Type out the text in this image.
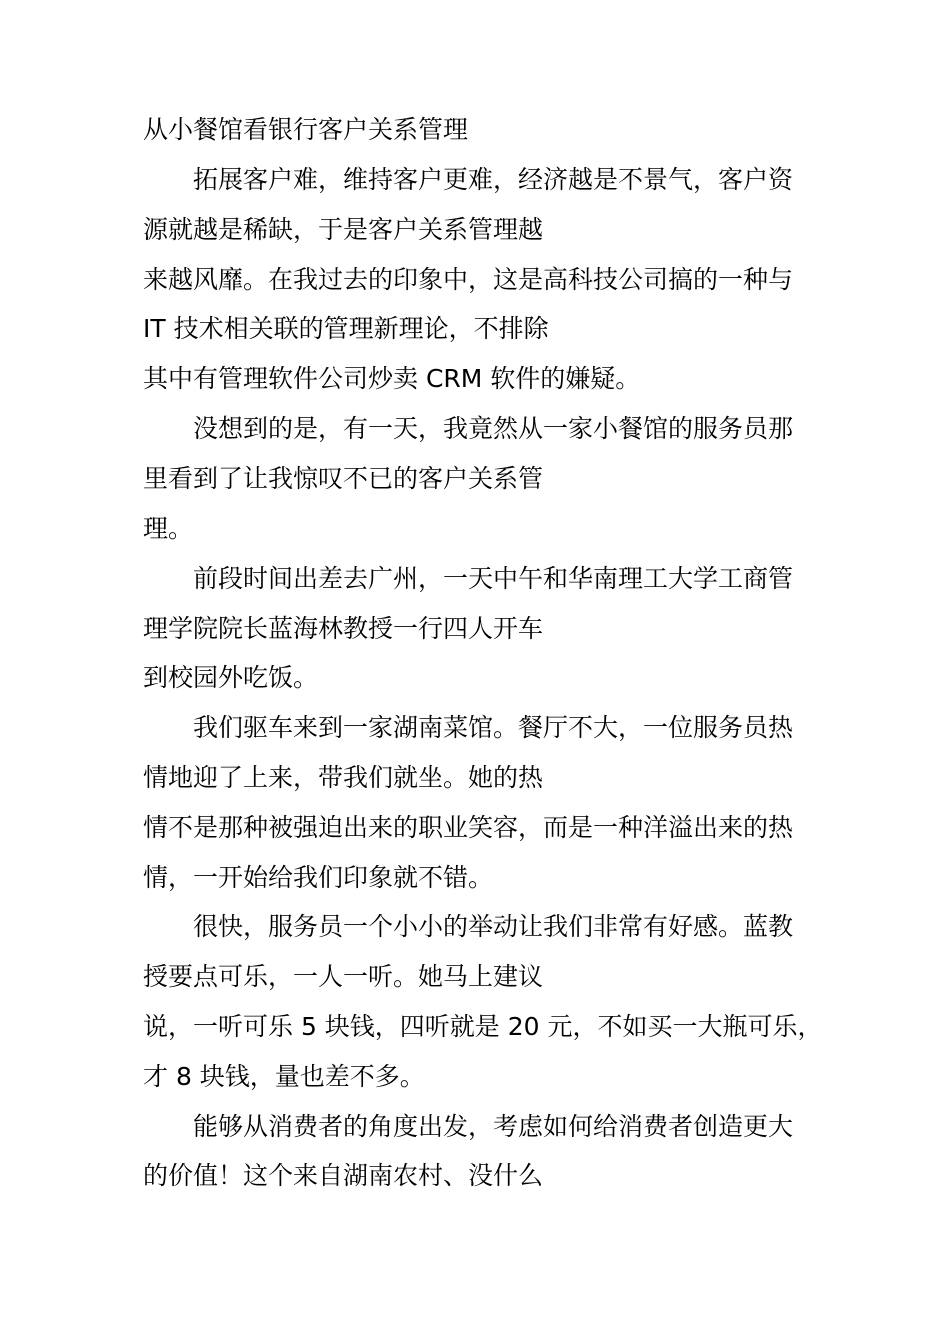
从小餐馆看银行客户关系管理
拓展客户难，维持客户更难，经济越是不景气，客户资
源就越是稀缺，于是客户关系管理越
来越风靡。在我过去的印象中，这是高科技公司搞的一种与
IT 技术相关联的管理新理论，不排除
其中有管理软件公司炒卖 CRM 软件的嫌疑。
没想到的是，有一天，我竟然从一家小餐馆的服务员那
里看到了让我惊叹不已的客户关系管
理。
前段时间出差去广州，一天中午和华南理工大学工商管
理学院院长蓝海林教授一行四人开车
到校园外吃饭。
我们驱车来到一家湖南菜馆。餐厅不大，一位服务员热
情地迎了上来，带我们就坐。她的热
情不是那种被强迫出来的职业笑容，而是一种洋溢出来的热
情，一开始给我们印象就不错。
很快，服务员一个小小的举动让我们非常有好感。蓝教
授要点可乐，一人一听。她马上建议
说，一听可乐 5 块钱，四听就是 20 元，不如买一大瓶可乐，
才 8 块钱，量也差不多。
能够从消费者的角度出发，考虑如何给消费者创造更大
的价值！这个来自湖南农村、没什么
